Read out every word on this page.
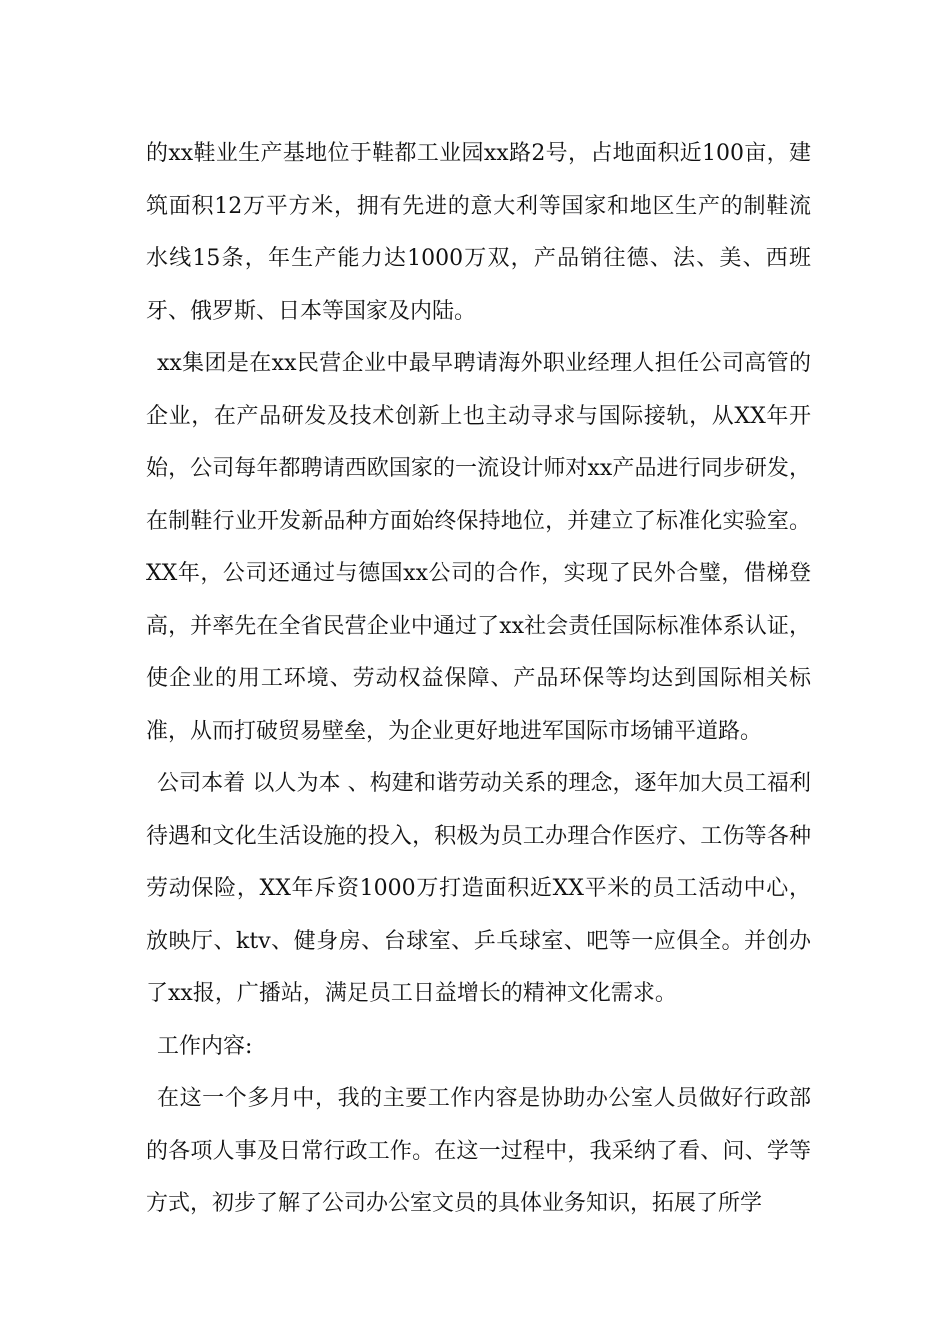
的xx鞋业生产基地位于鞋都工业园xx路2号，占地面积近100亩，建筑面积12万平方米，拥有先进的意大利等国家和地区生产的制鞋流水线15条，年生产能力达1000万双，产品销往德、法、美、西班牙、俄罗斯、日本等国家及内陆。

xx集团是在xx民营企业中最早聘请海外职业经理人担任公司高管的企业，在产品研发及技术创新上也主动寻求与国际接轨，从XX年开始，公司每年都聘请西欧国家的一流设计师对xx产品进行同步研发，在制鞋行业开发新品种方面始终保持地位，并建立了标准化实验室。XX年，公司还通过与德国xx公司的合作，实现了民外合璧，借梯登高，并率先在全省民营企业中通过了xx社会责任国际标准体系认证，使企业的用工环境、劳动权益保障、产品环保等均达到国际相关标准，从而打破贸易壁垒，为企业更好地进军国际市场铺平道路。

公司本着 以人为本 、构建和谐劳动关系的理念，逐年加大员工福利待遇和文化生活设施的投入，积极为员工办理合作医疗、工伤等各种劳动保险，XX年斥资1000万打造面积近XX平米的员工活动中心，放映厅、ktv、健身房、台球室、乒乓球室、吧等一应俱全。并创办了xx报，广播站，满足员工日益增长的精神文化需求。

工作内容:

在这一个多月中，我的主要工作内容是协助办公室人员做好行政部的各项人事及日常行政工作。在这一过程中，我采纳了看、问、学等方式，初步了解了公司办公室文员的具体业务知识，拓展了所学
